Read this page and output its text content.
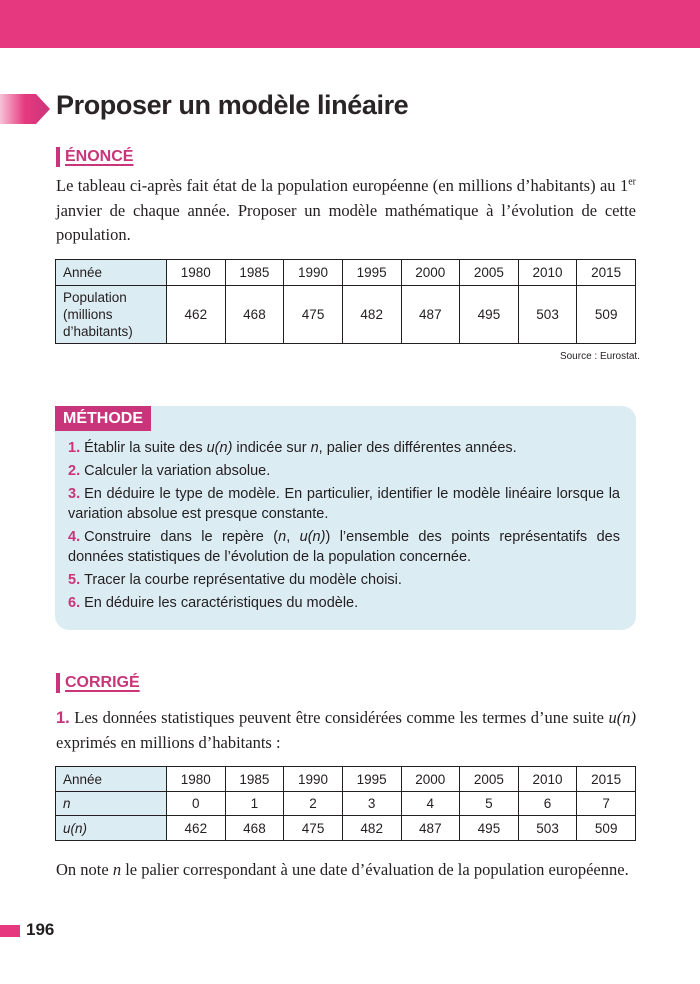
Proposer un modèle linéaire
ÉNONCÉ

Le tableau ci-après fait état de la population européenne (en millions d’habitants) au 1er janvier de chaque année. Proposer un modèle mathématique à l’évolution de cette population.

Année	1980	1985	1990	1995	2000	2005	2010	2015

Population
(millions
d’habitants)	462	468	475	482	487	495	503	509
Source : Eurostat.
MÉTHODE
1. Établir la suite des u(n) indicée sur n, palier des différentes années.
2. Calculer la variation absolue.
3. En déduire le type de modèle. En particulier, identifier le modèle linéaire lorsque la variation absolue est presque constante.
4. Construire dans le repère (n, u(n)) l’ensemble des points représentatifs des données statistiques de l’évolution de la population concernée.
5. Tracer la courbe représentative du modèle choisi.
6. En déduire les caractéristiques du modèle.
CORRIGÉ

1. Les données statistiques peuvent être considérées comme les termes d’une suite u(n) exprimés en millions d’habitants :

Année	1980	1985	1990	1995	2000	2005	2010	2015
n	0	1	2	3	4	5	6	7
u(n)	462	468	475	482	487	495	503	509

On note n le palier correspondant à une date d’évaluation de la population européenne.

196
